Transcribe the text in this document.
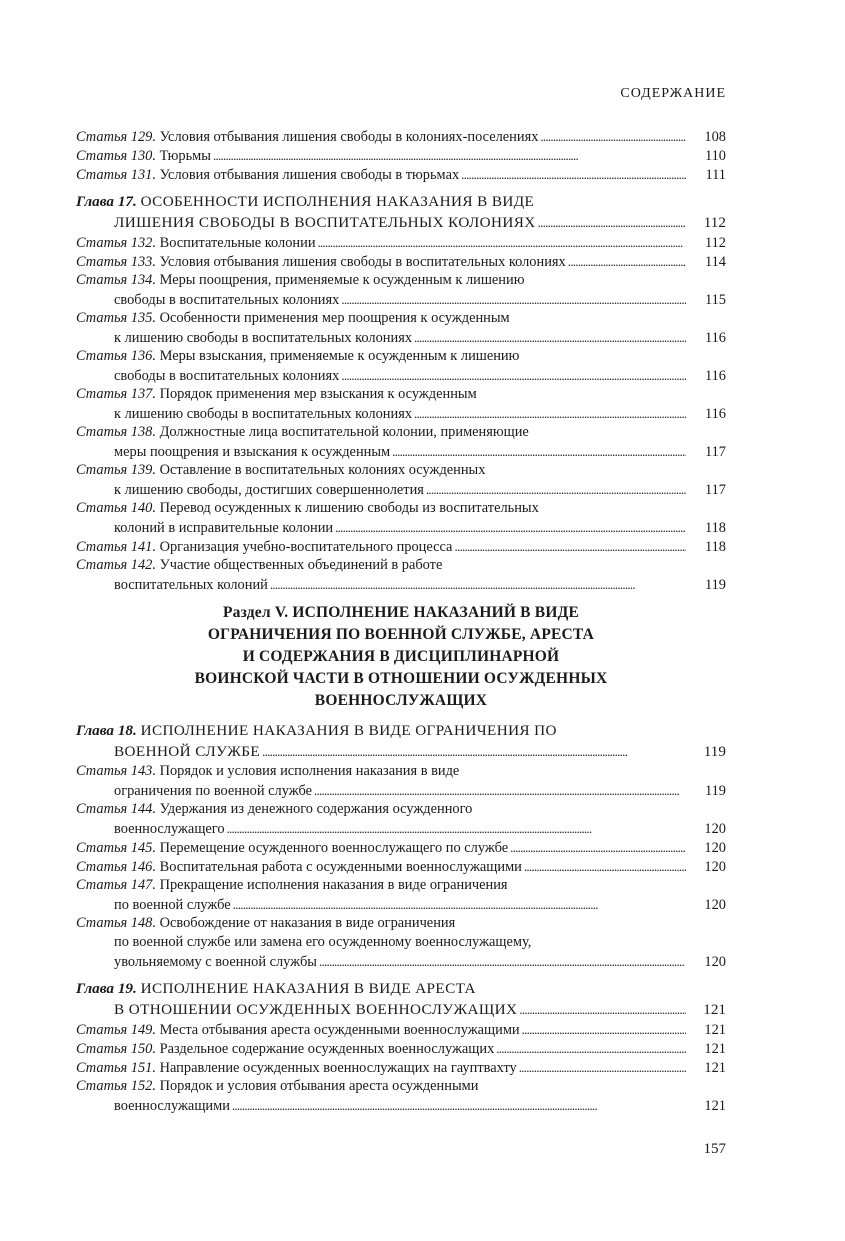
СОДЕРЖАНИЕ
Статья 129.
Условия отбывания лишения свободы в колониях-поселениях . . .	108
Статья 130.
Тюрьмы . . .	110
Статья 131.
Условия отбывания лишения свободы в тюрьмах . . .	111
Глава 17.
ОСОБЕННОСТИ ИСПОЛНЕНИЯ НАКАЗАНИЯ В ВИДЕ
ЛИШЕНИЯ СВОБОДЫ В ВОСПИТАТЕЛЬНЫХ КОЛОНИЯХ . . .	112
Статья 132.
Воспитательные колонии . . .	112
Статья 133.
Условия отбывания лишения свободы в воспитательных колониях . . .	114
Статья 134.
Меры поощрения, применяемые к осужденным к лишению
свободы в воспитательных колониях . . .	115
Статья 135.
Особенности применения мер поощрения к осужденным
к лишению свободы в воспитательных колониях . . .	116
Статья 136.
Меры взыскания, применяемые к осужденным к лишению
свободы в воспитательных колониях . . .	116
Статья 137.
Порядок применения мер взыскания к осужденным
к лишению свободы в воспитательных колониях . . .	116
Статья 138.
Должностные лица воспитательной колонии, применяющие
меры поощрения и взыскания к осужденным . . .	117
Статья 139.
Оставление в воспитательных колониях осужденных
к лишению свободы, достигших совершеннолетия . . .	117
Статья 140.
Перевод осужденных к лишению свободы из воспитательных
колоний в исправительные колонии . . .	118
Статья 141.
Организация учебно-воспитательного процесса . . .	118
Статья 142.
Участие общественных объединений в работе
воспитательных колоний . . .	119
Раздел V. ИСПОЛНЕНИЕ НАКАЗАНИЙ В ВИДЕ
ОГРАНИЧЕНИЯ ПО ВОЕННОЙ СЛУЖБЕ, АРЕСТА
И СОДЕРЖАНИЯ В ДИСЦИПЛИНАРНОЙ
ВОИНСКОЙ ЧАСТИ В ОТНОШЕНИИ ОСУЖДЕННЫХ
ВОЕННОСЛУЖАЩИХ
Глава 18.
ИСПОЛНЕНИЕ НАКАЗАНИЯ В ВИДЕ ОГРАНИЧЕНИЯ ПО
ВОЕННОЙ СЛУЖБЕ . . .	119
Статья 143.
Порядок и условия исполнения наказания в виде
ограничения по военной службе . . .	119
Статья 144.
Удержания из денежного содержания осужденного
военнослужащего . . .	120
Статья 145.
Перемещение осужденного военнослужащего по службе . . .	120
Статья 146.
Воспитательная работа с осужденными военнослужащими . . .	120
Статья 147.
Прекращение исполнения наказания в виде ограничения
по военной службе . . .	120
Статья 148.
Освобождение от наказания в виде ограничения
по военной службе или замена его осужденному военнослужащему,
увольняемому с военной службы . . .	120
Глава 19.
ИСПОЛНЕНИЕ НАКАЗАНИЯ В ВИДЕ АРЕСТА
В ОТНОШЕНИИ ОСУЖДЕННЫХ ВОЕННОСЛУЖАЩИХ . . .	121
Статья 149.
Места отбывания ареста осужденными военнослужащими . . .	121
Статья 150.
Раздельное содержание осужденных военнослужащих . . .	121
Статья 151.
Направление осужденных военнослужащих на гауптвахту . . .	121
Статья 152.
Порядок и условия отбывания ареста осужденными
военнослужащими . . .	121
157
